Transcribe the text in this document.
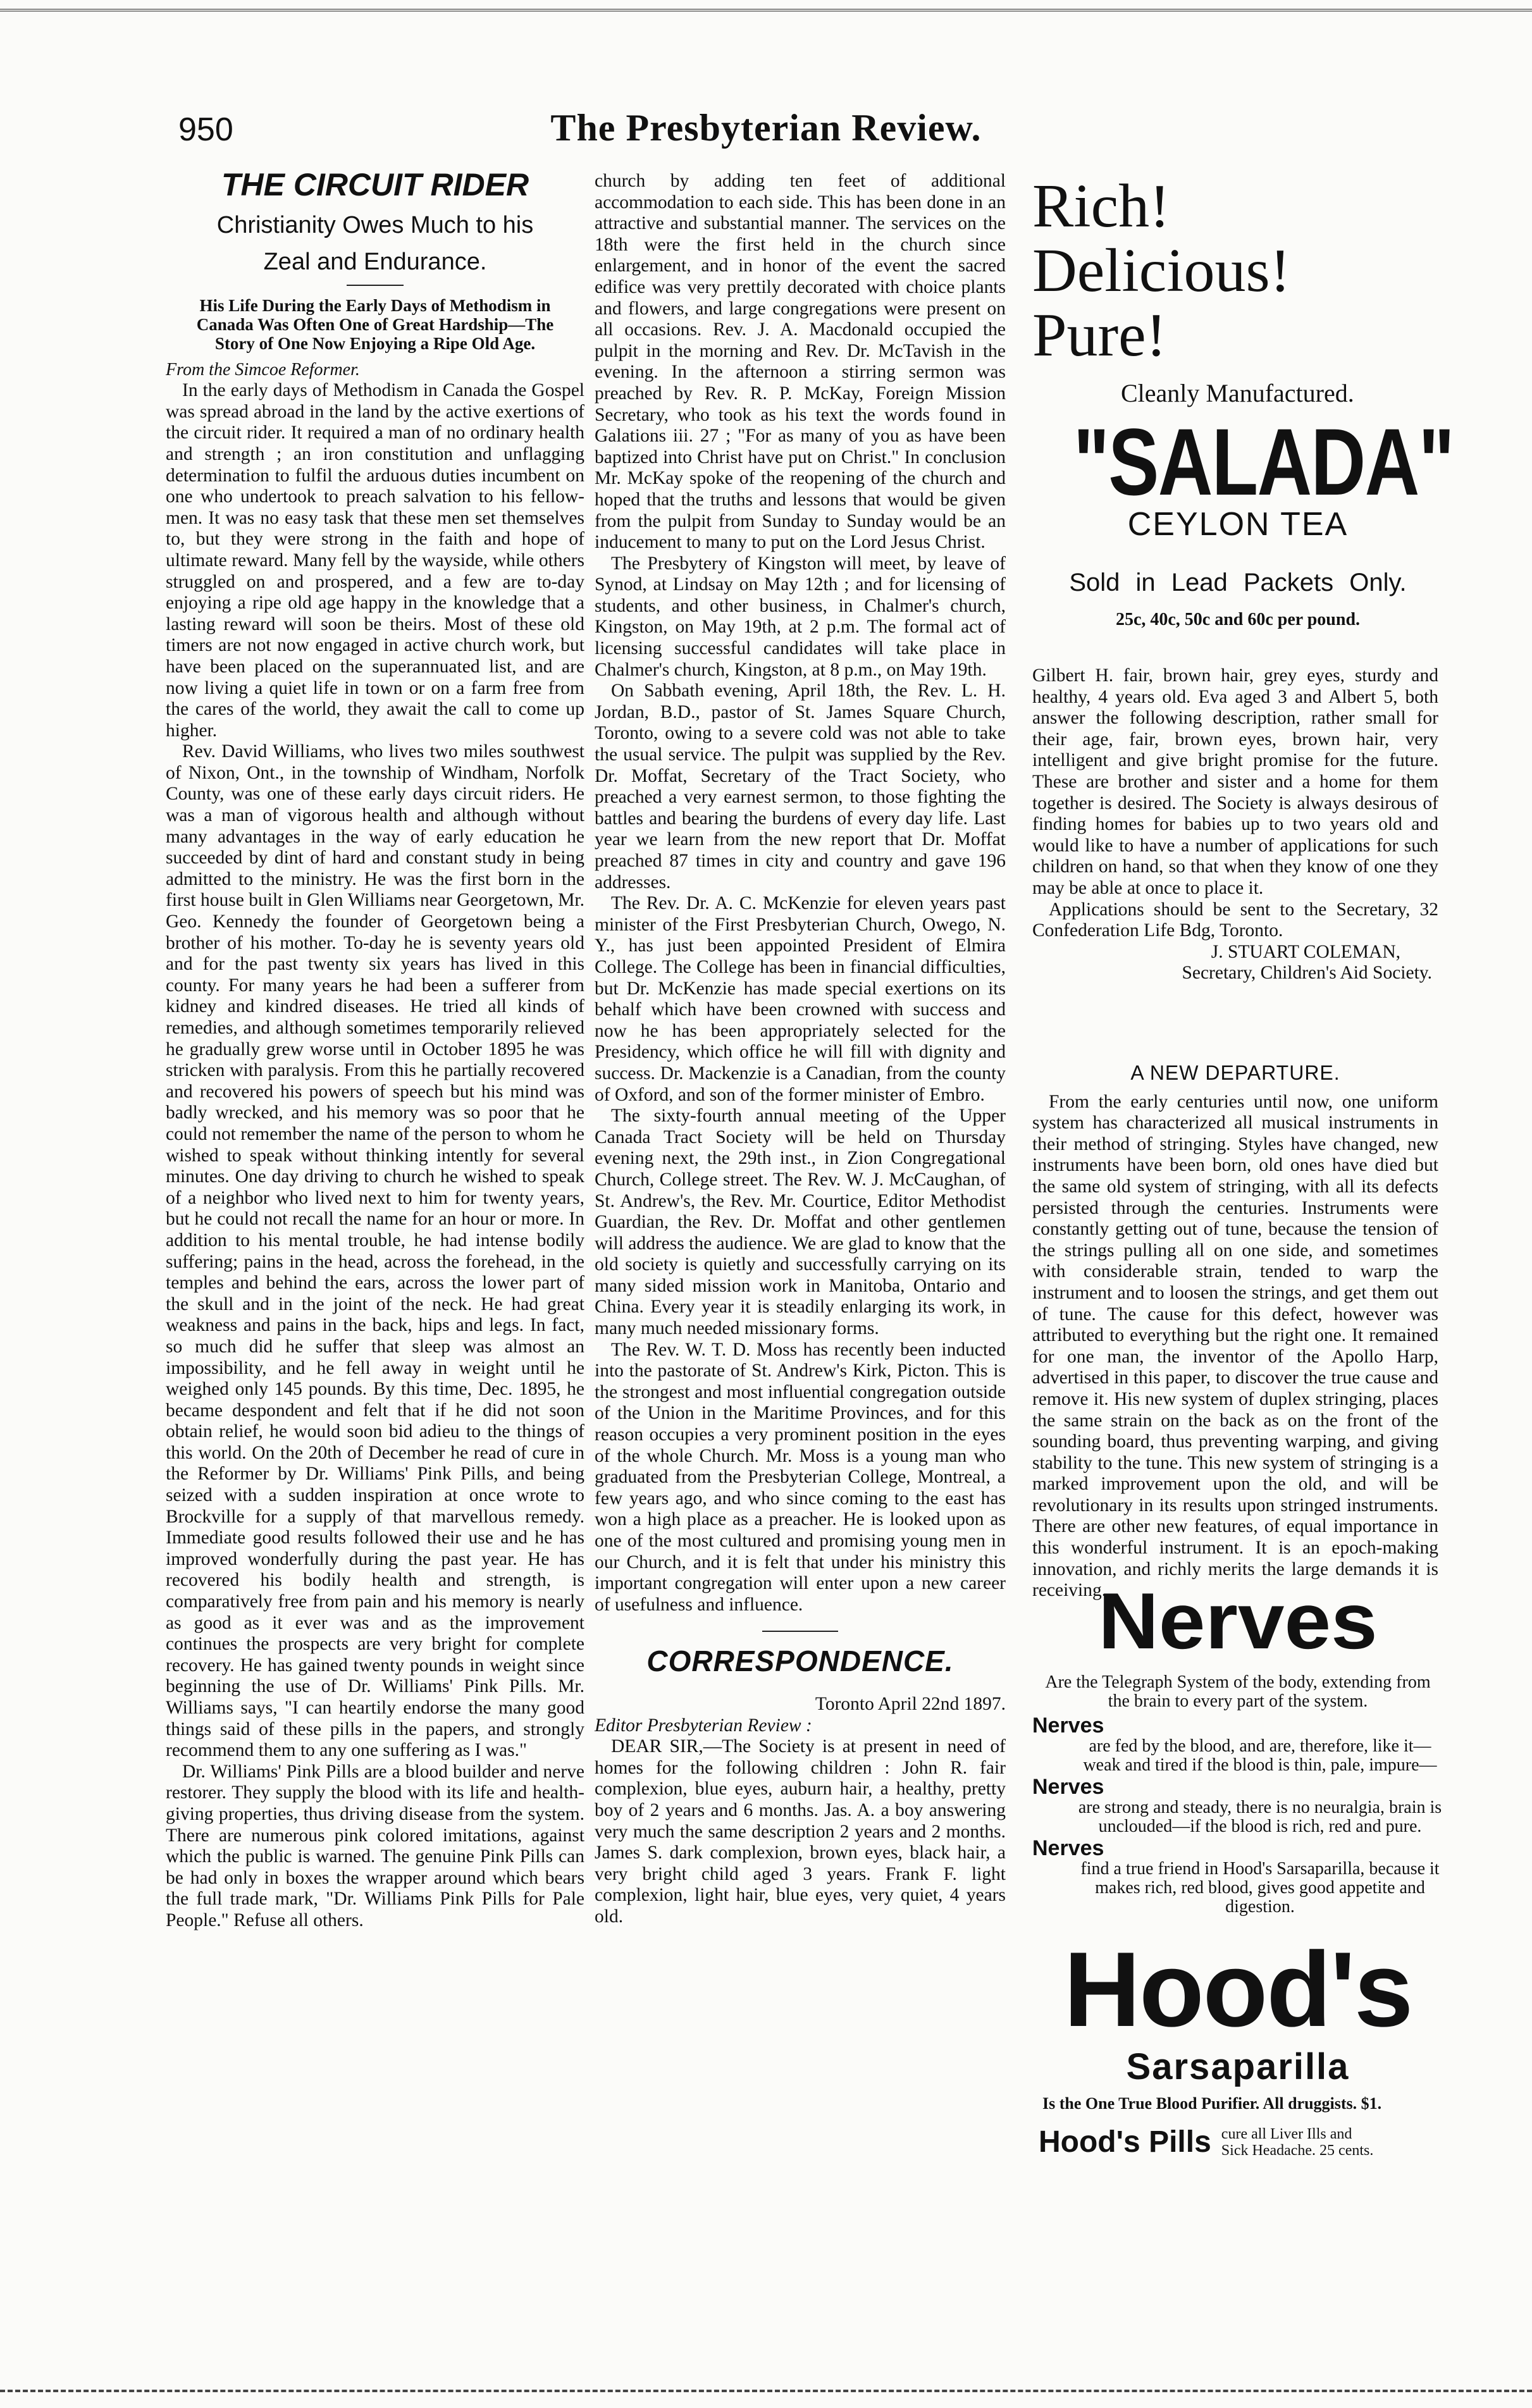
950	The Presbyterian Review.
THE CIRCUIT RIDER
Christianity Owes Much to his
Zeal and Endurance.
His Life During the Early Days of Methodism in Canada Was Often One of Great Hardship—The Story of One Now Enjoying a Ripe Old Age.

From the Simcoe Reformer.

In the early days of Methodism in Canada the Gospel was spread abroad in the land by the active exertions of the circuit rider. It required a man of no ordinary health and strength ; an iron constitution and unflagging determination to fulfil the arduous duties incumbent on one who undertook to preach salvation to his fellow-men. It was no easy task that these men set themselves to, but they were strong in the faith and hope of ultimate reward. Many fell by the wayside, while others struggled on and prospered, and a few are to-day enjoying a ripe old age happy in the knowledge that a lasting reward will soon be theirs. Most of these old timers are not now engaged in active church work, but have been placed on the superannuated list, and are now living a quiet life in town or on a farm free from the cares of the world, they await the call to come up higher.

Rev. David Williams, who lives two miles southwest of Nixon, Ont., in the township of Windham, Norfolk County, was one of these early days circuit riders. He was a man of vigorous health and although without many advantages in the way of early education he succeeded by dint of hard and constant study in being admitted to the ministry. He was the first born in the first house built in Glen Williams near Georgetown, Mr. Geo. Kennedy the founder of Georgetown being a brother of his mother. To-day he is seventy years old and for the past twenty six years has lived in this county. For many years he had been a sufferer from kidney and kindred diseases. He tried all kinds of remedies, and although sometimes temporarily relieved he gradually grew worse until in October 1895 he was stricken with paralysis. From this he partially recovered and recovered his powers of speech but his mind was badly wrecked, and his memory was so poor that he could not remember the name of the person to whom he wished to speak without thinking intently for several minutes. One day driving to church he wished to speak of a neighbor who lived next to him for twenty years, but he could not recall the name for an hour or more. In addition to his mental trouble, he had intense bodily suffering; pains in the head, across the forehead, in the temples and behind the ears, across the lower part of the skull and in the joint of the neck. He had great weakness and pains in the back, hips and legs. In fact, so much did he suffer that sleep was almost an impossibility, and he fell away in weight until he weighed only 145 pounds. By this time, Dec. 1895, he became despondent and felt that if he did not soon obtain relief, he would soon bid adieu to the things of this world. On the 20th of December he read of cure in the Reformer by Dr. Williams' Pink Pills, and being seized with a sudden inspiration at once wrote to Brockville for a supply of that marvellous remedy. Immediate good results followed their use and he has improved wonderfully during the past year. He has recovered his bodily health and strength, is comparatively free from pain and his memory is nearly as good as it ever was and as the improvement continues the prospects are very bright for complete recovery. He has gained twenty pounds in weight since beginning the use of Dr. Williams' Pink Pills. Mr. Williams says, "I can heartily endorse the many good things said of these pills in the papers, and strongly recommend them to any one suffering as I was."

Dr. Williams' Pink Pills are a blood builder and nerve restorer. They supply the blood with its life and health-giving properties, thus driving disease from the system. There are numerous pink colored imitations, against which the public is warned. The genuine Pink Pills can be had only in boxes the wrapper around which bears the full trade mark, "Dr. Williams Pink Pills for Pale People." Refuse all others.

church by adding ten feet of additional accommodation to each side. This has been done in an attractive and substantial manner. The services on the 18th were the first held in the church since enlargement, and in honor of the event the sacred edifice was very prettily decorated with choice plants and flowers, and large congregations were present on all occasions. Rev. J. A. Macdonald occupied the pulpit in the morning and Rev. Dr. McTavish in the evening. In the afternoon a stirring sermon was preached by Rev. R. P. McKay, Foreign Mission Secretary, who took as his text the words found in Galations iii. 27 ; "For as many of you as have been baptized into Christ have put on Christ." In conclusion Mr. McKay spoke of the reopening of the church and hoped that the truths and lessons that would be given from the pulpit from Sunday to Sunday would be an inducement to many to put on the Lord Jesus Christ.

The Presbytery of Kingston will meet, by leave of Synod, at Lindsay on May 12th ; and for licensing of students, and other business, in Chalmer's church, Kingston, on May 19th, at 2 p.m. The formal act of licensing successful candidates will take place in Chalmer's church, Kingston, at 8 p.m., on May 19th.

On Sabbath evening, April 18th, the Rev. L. H. Jordan, B.D., pastor of St. James Square Church, Toronto, owing to a severe cold was not able to take the usual service. The pulpit was supplied by the Rev. Dr. Moffat, Secretary of the Tract Society, who preached a very earnest sermon, to those fighting the battles and bearing the burdens of every day life. Last year we learn from the new report that Dr. Moffat preached 87 times in city and country and gave 196 addresses.

The Rev. Dr. A. C. McKenzie for eleven years past minister of the First Presbyterian Church, Owego, N. Y., has just been appointed President of Elmira College. The College has been in financial difficulties, but Dr. McKenzie has made special exertions on its behalf which have been crowned with success and now he has been appropriately selected for the Presidency, which office he will fill with dignity and success. Dr. Mackenzie is a Canadian, from the county of Oxford, and son of the former minister of Embro.

The sixty-fourth annual meeting of the Upper Canada Tract Society will be held on Thursday evening next, the 29th inst., in Zion Congregational Church, College street. The Rev. W. J. McCaughan, of St. Andrew's, the Rev. Mr. Courtice, Editor Methodist Guardian, the Rev. Dr. Moffat and other gentlemen will address the audience. We are glad to know that the old society is quietly and successfully carrying on its many sided mission work in Manitoba, Ontario and China. Every year it is steadily enlarging its work, in many much needed missionary forms.

The Rev. W. T. D. Moss has recently been inducted into the pastorate of St. Andrew's Kirk, Picton. This is the strongest and most influential congregation outside of the Union in the Maritime Provinces, and for this reason occupies a very prominent position in the eyes of the whole Church. Mr. Moss is a young man who graduated from the Presbyterian College, Montreal, a few years ago, and who since coming to the east has won a high place as a preacher. He is looked upon as one of the most cultured and promising young men in our Church, and it is felt that under his ministry this important congregation will enter upon a new career of usefulness and influence.

CORRESPONDENCE.

Toronto April 22nd 1897.

Editor Presbyterian Review :

DEAR SIR,—The Society is at present in need of homes for the following children : John R. fair complexion, blue eyes, auburn hair, a healthy, pretty boy of 2 years and 6 months. Jas. A. a boy answering very much the same description 2 years and 2 months. James S. dark complexion, brown eyes, black hair, a very bright child aged 3 years. Frank F. light complexion, light hair, blue eyes, very quiet, 4 years old.

Rich!
Delicious!
Pure!
Cleanly Manufactured.
"SALADA"
CEYLON TEA
Sold in Lead Packets Only.
25c, 40c, 50c and 60c per pound.

Gilbert H. fair, brown hair, grey eyes, sturdy and healthy, 4 years old. Eva aged 3 and Albert 5, both answer the following description, rather small for their age, fair, brown eyes, brown hair, very intelligent and give bright promise for the future. These are brother and sister and a home for them together is desired. The Society is always desirous of finding homes for babies up to two years old and would like to have a number of applications for such children on hand, so that when they know of one they may be able at once to place it.

Applications should be sent to the Secretary, 32 Confederation Life Bdg, Toronto.

J. STUART COLEMAN,

Secretary, Children's Aid Society.

A NEW DEPARTURE.

From the early centuries until now, one uniform system has characterized all musical instruments in their method of stringing. Styles have changed, new instruments have been born, old ones have died but the same old system of stringing, with all its defects persisted through the centuries. Instruments were constantly getting out of tune, because the tension of the strings pulling all on one side, and sometimes with considerable strain, tended to warp the instrument and to loosen the strings, and get them out of tune. The cause for this defect, however was attributed to everything but the right one. It remained for one man, the inventor of the Apollo Harp, advertised in this paper, to discover the true cause and remove it. His new system of duplex stringing, places the same strain on the back as on the front of the sounding board, thus preventing warping, and giving stability to the tune. This new system of stringing is a marked improvement upon the old, and will be revolutionary in its results upon stringed instruments. There are other new features, of equal importance in this wonderful instrument. It is an epoch-making innovation, and richly merits the large demands it is receiving.

Nerves
Are the Telegraph System of the body, extending from the brain to every part of the system.
Nerves
are fed by the blood, and are, therefore, like it—weak and tired if the blood is thin, pale, impure—
Nerves
are strong and steady, there is no neuralgia, brain is unclouded—if the blood is rich, red and pure.
Nerves
find a true friend in Hood's Sarsaparilla, because it makes rich, red blood, gives good appetite and digestion.
Hood's
Sarsaparilla
Is the One True Blood Purifier. All druggists. $1.
Hood's Pills cure all Liver Ills and
Sick Headache. 25 cents.
